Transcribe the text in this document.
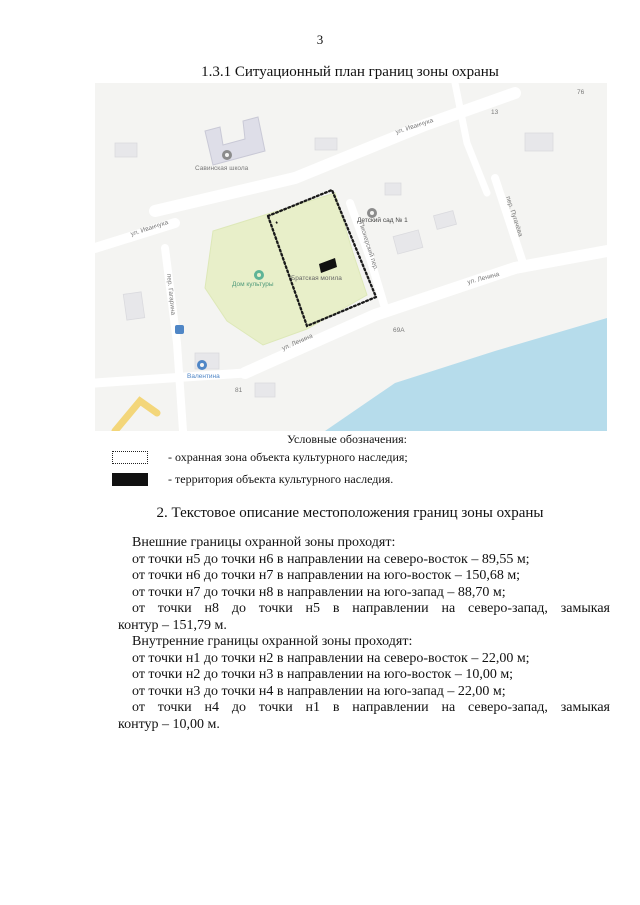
3
1.3.1 Ситуационный план границ зоны охраны
Савинская школа
ул. Иванчука
ул. Иванчука	Детский сад № 1
Пионерский пер.
пер. Пугачёва
ул. Ленина
ул. Ленина
Дом культуры
Братская могила
пер. Гагарина
Валентина
13
76
69А
81
Условные обозначения:
- охранная зона объекта культурного наследия;
- территория объекта культурного наследия.
2. Текстовое описание местоположения границ зоны охраны

Внешние границы охранной зоны проходят:

от точки н5 до точки н6 в направлении на северо-восток – 89,55 м;

от точки н6 до точки н7 в направлении на юго-восток – 150,68 м;

от точки н7 до точки н8 в направлении на юго-запад – 88,70 м;

от точки н8 до точки н5 в направлении на северо-запад, замыкая

контур – 151,79 м.

Внутренние границы охранной зоны проходят:

от точки н1 до точки н2 в направлении на северо-восток – 22,00 м;

от точки н2 до точки н3 в направлении на юго-восток – 10,00 м;

от точки н3 до точки н4 в направлении на юго-запад – 22,00 м;

от точки н4 до точки н1 в направлении на северо-запад, замыкая

контур – 10,00 м.
